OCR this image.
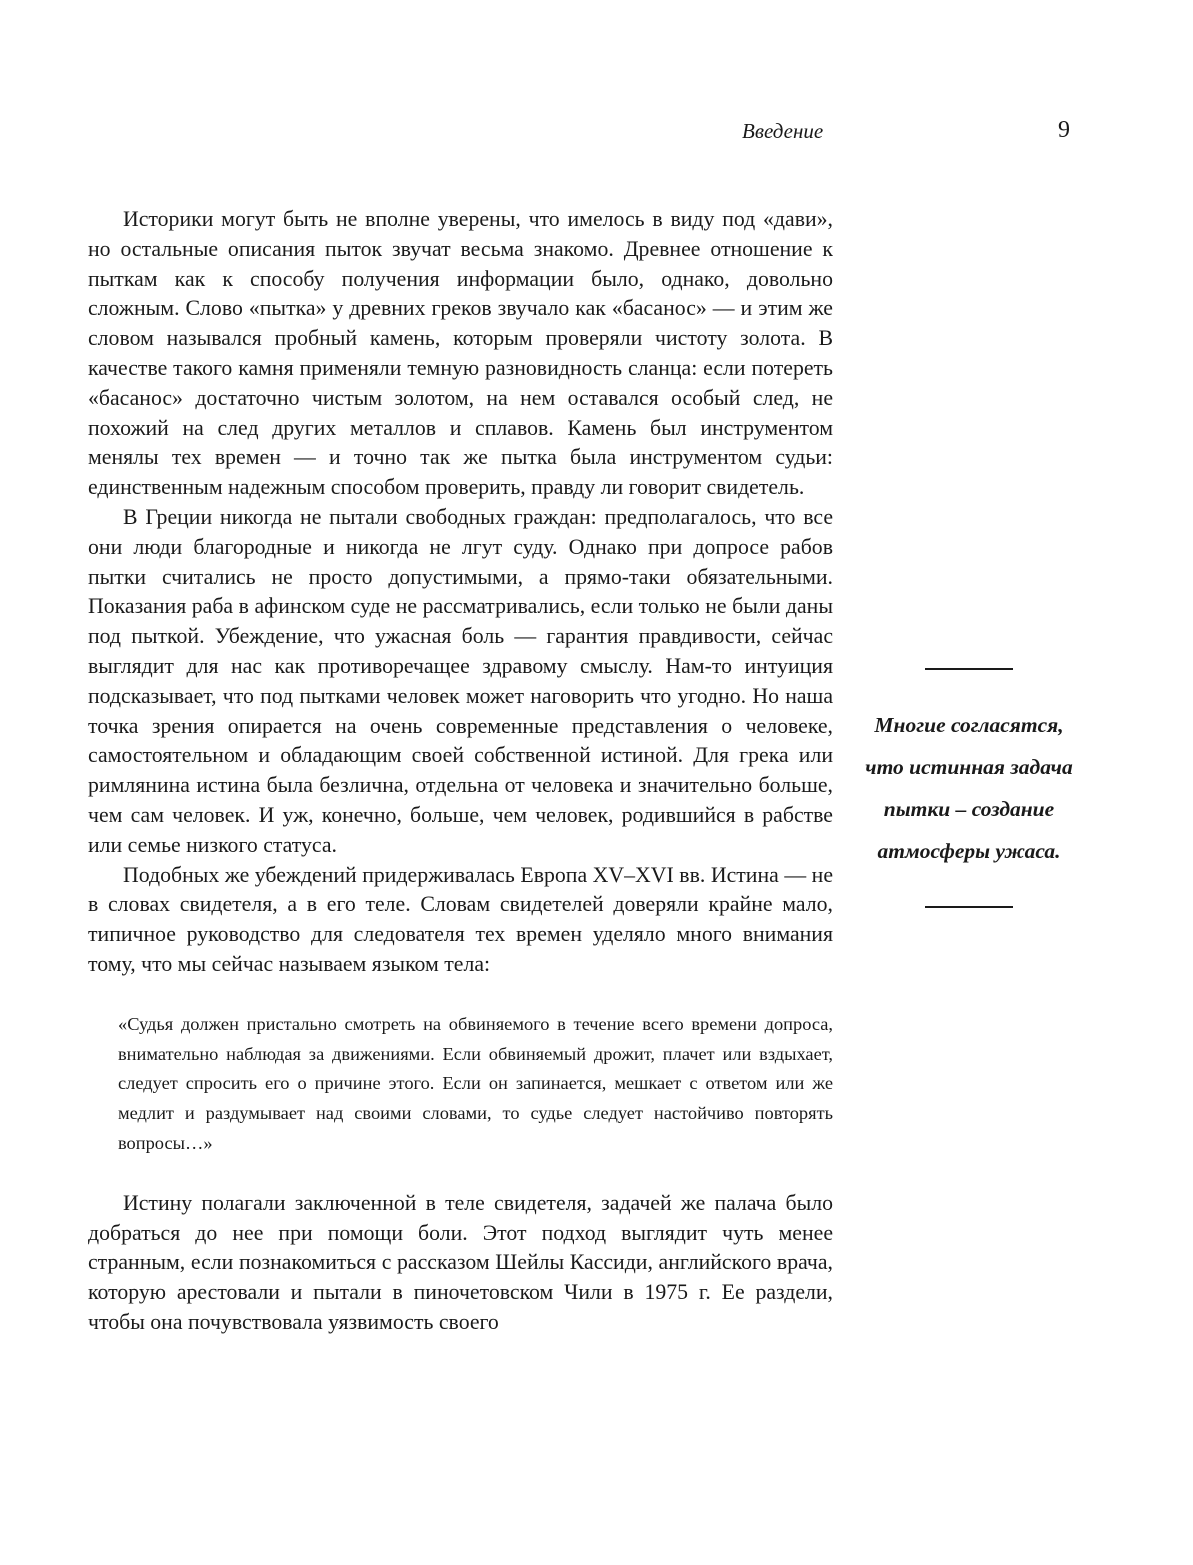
Введение	9

Историки могут быть не вполне уверены, что имелось в виду под «дави», но остальные описания пыток звучат весьма знакомо. Древнее отношение к пыткам как к способу получения информации было, однако, довольно сложным. Слово «пытка» у древних греков звучало как «басанос» — и этим же словом назывался пробный камень, которым проверяли чистоту золота. В качестве такого камня применяли темную разновидность сланца: если потереть «басанос» достаточно чистым золотом, на нем оставался особый след, не похожий на след других металлов и сплавов. Камень был инструментом менялы тех времен — и точно так же пытка была инструментом судьи: единственным надежным способом проверить, правду ли говорит свидетель.

В Греции никогда не пытали свободных граждан: предполагалось, что все они люди благородные и никогда не лгут суду. Однако при допросе рабов пытки считались не просто допустимыми, а прямо-таки обязательными. Показания раба в афинском суде не рассматривались, если только не были даны под пыткой. Убеждение, что ужасная боль — гарантия правдивости, сейчас выглядит для нас как противоречащее здравому смыслу. Нам-то интуиция подсказывает, что под пытками человек может наговорить что угодно. Но наша точка зрения опирается на очень современные представления о человеке, самостоятельном и обладающим своей собственной истиной. Для грека или римлянина истина была безлична, отдельна от человека и значительно больше, чем сам человек. И уж, конечно, больше, чем человек, родившийся в рабстве или семье низкого статуса.

Подобных же убеждений придерживалась Европа XV–XVI вв. Истина — не в словах свидетеля, а в его теле. Словам свидетелей доверяли крайне мало, типичное руководство для следователя тех времен уделяло много внимания тому, что мы сейчас называем языком тела:

«Судья должен пристально смотреть на обвиняемого в течение всего времени допроса, внимательно наблюдая за движениями. Если обвиняемый дрожит, плачет или вздыхает, следует спросить его о причине этого. Если он запинается, мешкает с ответом или же медлит и раздумывает над своими словами, то судье следует настойчиво повторять вопросы…»

Истину полагали заключенной в теле свидетеля, задачей же палача было добраться до нее при помощи боли. Этот подход выглядит чуть менее странным, если познакомиться с рассказом Шейлы Кассиди, английского врача, которую арестовали и пытали в пиночетовском Чили в 1975 г. Ее раздели, чтобы она почувствовала уязвимость своего

Многие согласятся, что истинная задача пытки – создание атмосферы ужаса.
